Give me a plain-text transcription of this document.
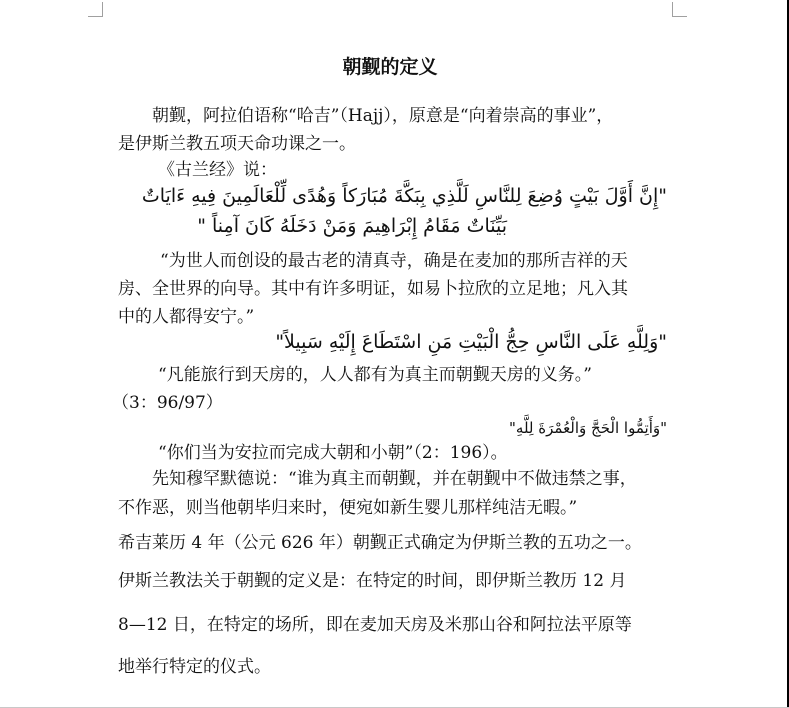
朝觐的定义

朝觐，阿拉伯语称“哈吉”（Hajj），原意是“向着崇高的事业”，

是伊斯兰教五项天命功课之一。

《古兰经》说：

"إِنَّ أَوَّلَ بَيْتٍ وُضِعَ لِلنَّاسِ لَلَّذِي بِبَكَّةَ مُبَارَكاً وَهُدًى لِّلْعَالَمِينَ فِيهِ ءَايَاتٌ

بَيِّنَاتٌ مَقَامُ إِبْرَاهِيمَ وَمَنْ دَخَلَهُ كَانَ آمِناً "

“为世人而创设的最古老的清真寺，确是在麦加的那所吉祥的天

房、全世界的向导。其中有许多明证，如易卜拉欣的立足地；凡入其

中的人都得安宁。”

"وَلِلَّهِ عَلَى النَّاسِ حِجُّ الْبَيْتِ مَنِ اسْتَطَاعَ إِلَيْهِ سَبِيلاً"

“凡能旅行到天房的，人人都有为真主而朝觐天房的义务。”

（3：96/97）

"وَأَتِمُّوا الْحَجَّ وَالْعُمْرَةَ لِلَّهِ"

“你们当为安拉而完成大朝和小朝”（2：196）。

先知穆罕默德说：“谁为真主而朝觐，并在朝觐中不做违禁之事，

不作恶，则当他朝毕归来时，便宛如新生婴儿那样纯洁无暇。”

希吉莱历 4 年（公元 626 年）朝觐正式确定为伊斯兰教的五功之一。

伊斯兰教法关于朝觐的定义是：在特定的时间，即伊斯兰教历 12 月

8—12 日，在特定的场所，即在麦加天房及米那山谷和阿拉法平原等

地举行特定的仪式。
